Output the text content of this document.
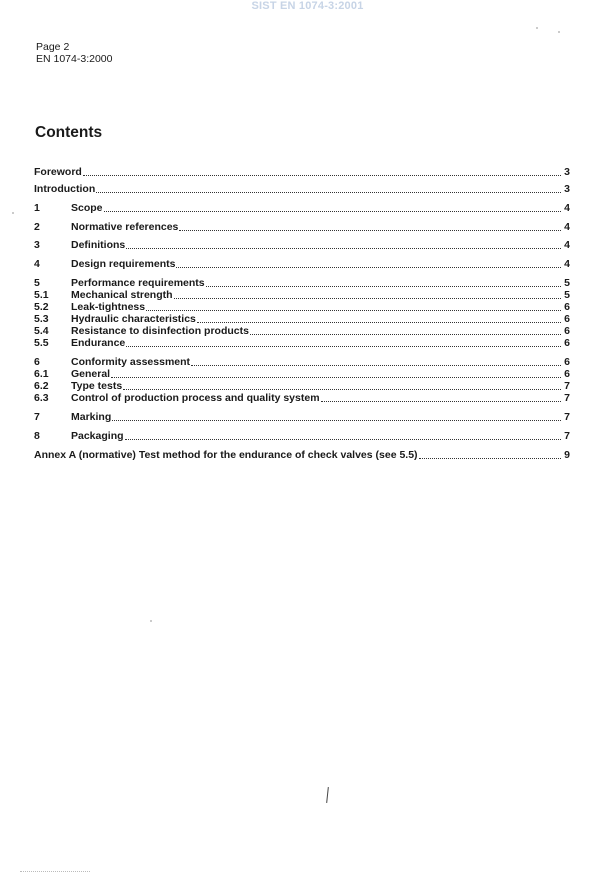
SIST EN 1074-3:2001
Page 2
EN 1074-3:2000
Contents
Foreword	3
Introduction	3
1	Scope	4
2	Normative references	4
3	Definitions	4
4	Design requirements	4
5	Performance requirements	5
5.1	Mechanical strength	5
5.2	Leak-tightness	6
5.3	Hydraulic characteristics	6
5.4	Resistance to disinfection products	6
5.5	Endurance	6
6	Conformity assessment	6
6.1	General	6
6.2	Type tests	7
6.3	Control of production process and quality system	7
7	Marking	7
8	Packaging	7
Annex A (normative) Test method for the endurance of check valves (see 5.5)	9
